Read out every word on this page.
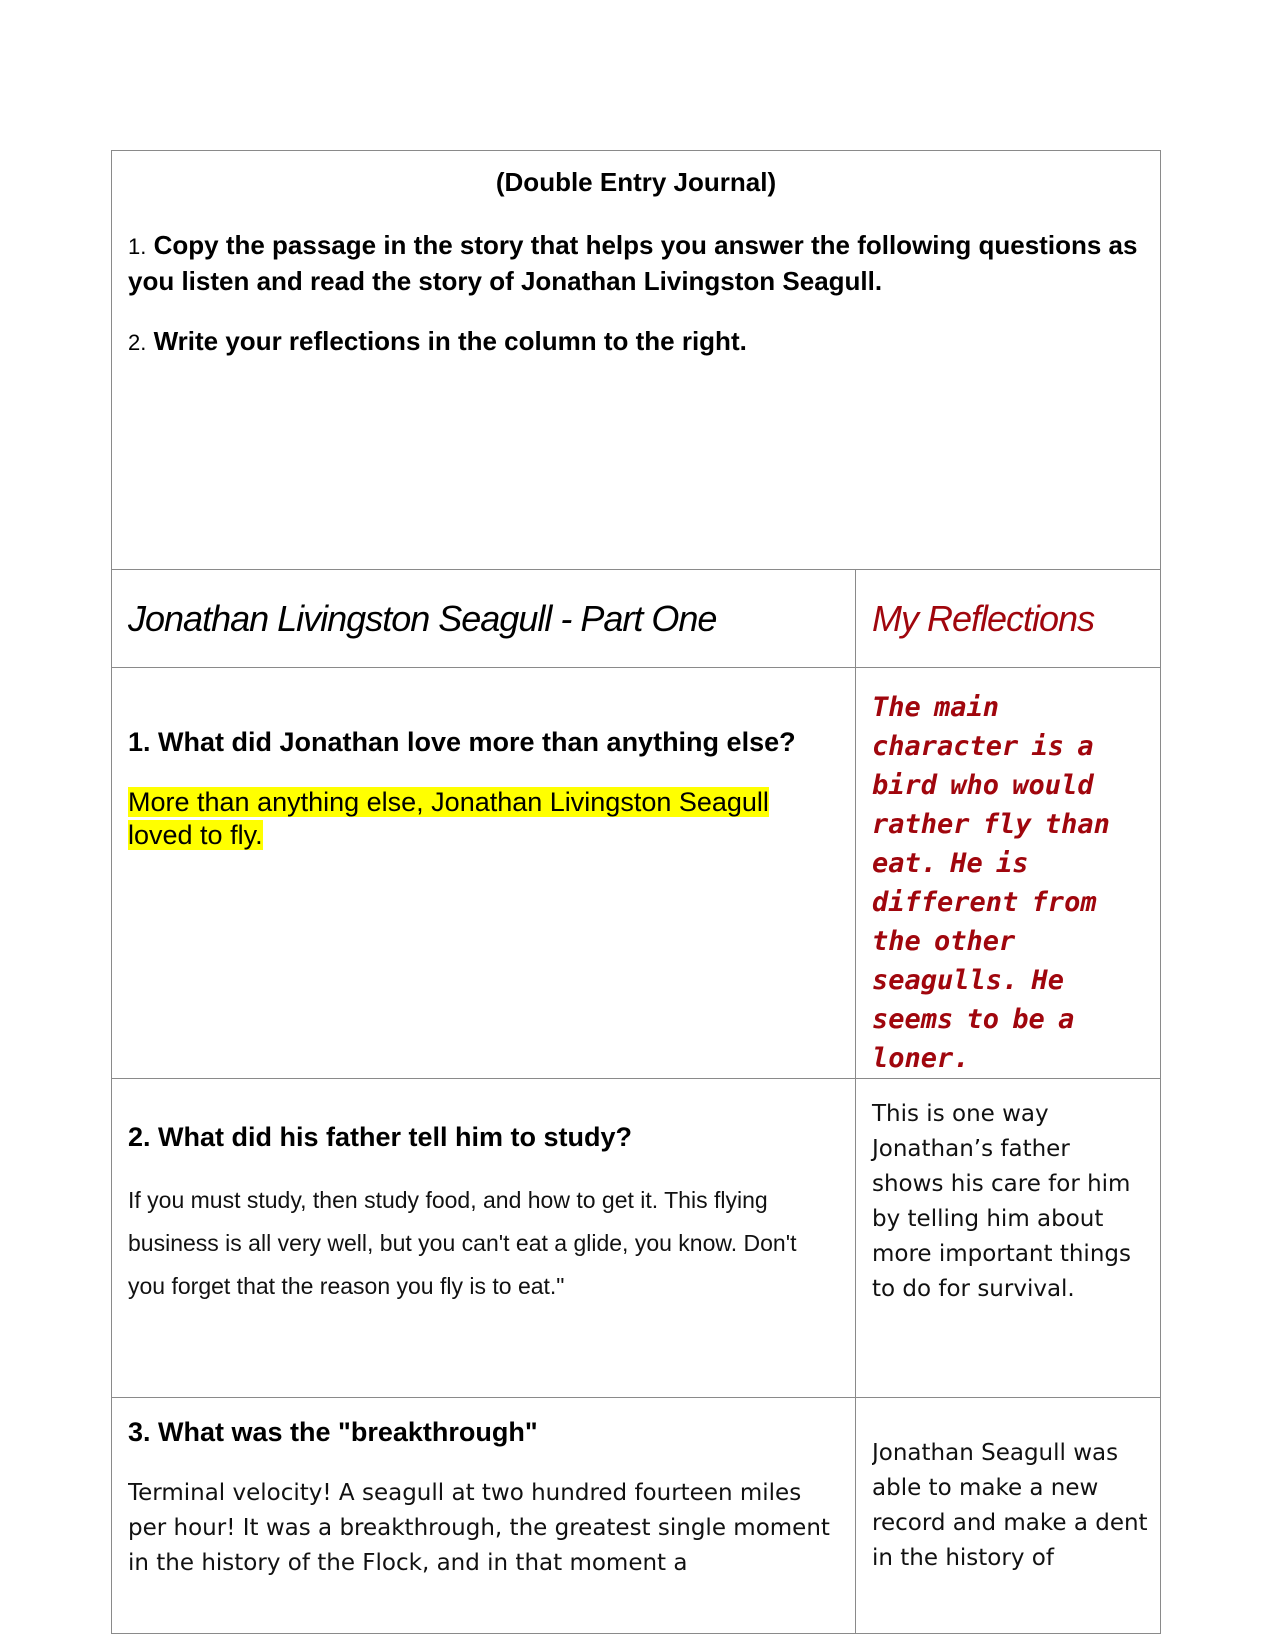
(Double Entry Journal)
1. Copy the passage in the story that helps you answer the following questions as you listen and read the story of Jonathan Livingston Seagull.
2. Write your reflections in the column to the right.	

Jonathan Livingston Seagull - Part One	My Reflections

1. What did Jonathan love more than anything else?

More than anything else, Jonathan Livingston Seagull loved to fly.	The main character is a bird who would rather fly than eat. He is different from the other seagulls. He seems to be a loner.

2. What did his father tell him to study?

If you must study, then study food, and how to get it. This flying business is all very well, but you can't eat a glide, you know. Don't you forget that the reason you fly is to eat."	This is one way Jonathan’s father shows his care for him by telling him about more important things to do for survival.

3. What was the "breakthrough"

Terminal velocity! A seagull at two hundred fourteen miles per hour! It was a breakthrough, the greatest single moment in the history of the Flock, and in that moment a	Jonathan Seagull was able to make a new record and make a dent in the history of
